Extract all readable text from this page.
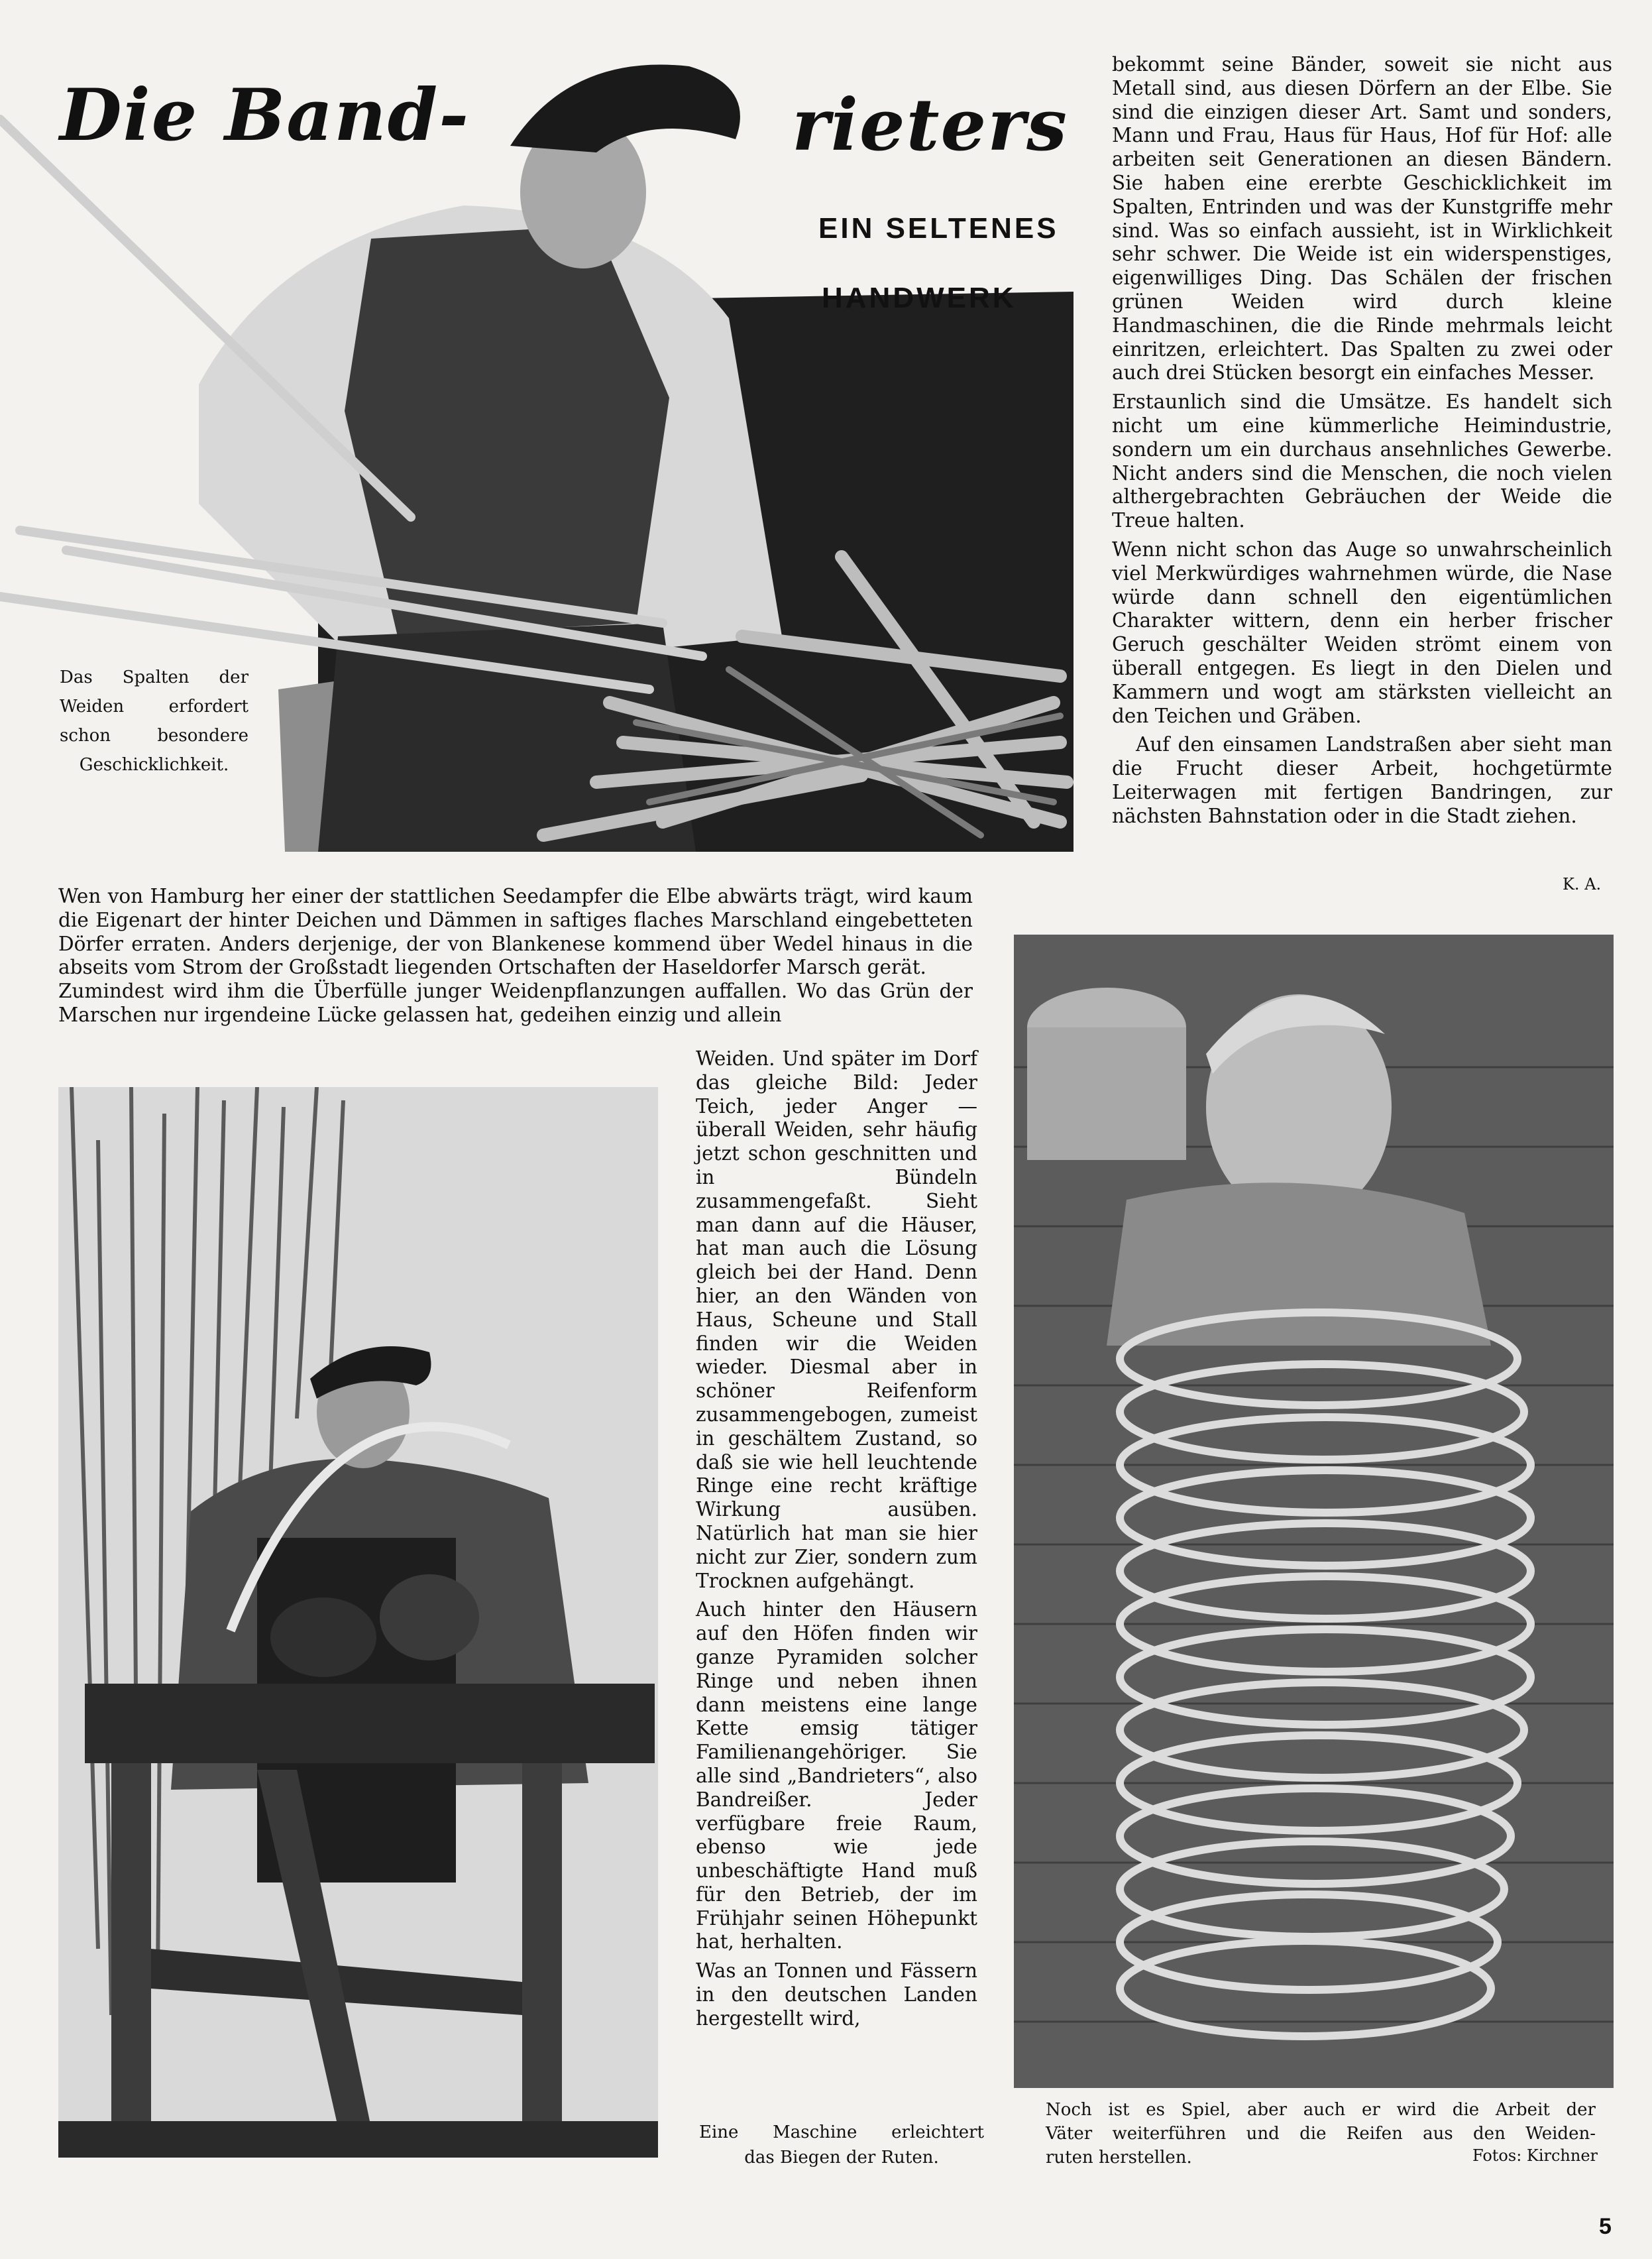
Die Band-	rieters
EIN SELTENES
HANDWERK
Das Spalten der
Weiden erfordert
schon besondere
Geschicklichkeit.

bekommt seine Bänder, soweit sie nicht aus Metall sind, aus diesen Dörfern an der Elbe. Sie sind die einzigen dieser Art. Samt und sonders, Mann und Frau, Haus für Haus, Hof für Hof: alle arbeiten seit Generationen an diesen Bändern. Sie haben eine ererbte Geschicklichkeit im Spalten, Entrinden und was der Kunstgriffe mehr sind. Was so einfach aussieht, ist in Wirklichkeit sehr schwer. Die Weide ist ein widerspenstiges, eigenwilliges Ding. Das Schälen der frischen grünen Weiden wird durch kleine Handmaschinen, die die Rinde mehrmals leicht einritzen, erleichtert. Das Spalten zu zwei oder auch drei Stücken besorgt ein einfaches Messer.

Erstaunlich sind die Umsätze. Es handelt sich nicht um eine kümmerliche Heimindustrie, sondern um ein durchaus ansehnliches Gewerbe. Nicht anders sind die Menschen, die noch vielen althergebrachten Gebräuchen der Weide die Treue halten.

Wenn nicht schon das Auge so unwahrscheinlich viel Merkwürdiges wahrnehmen würde, die Nase würde dann schnell den eigentümlichen Charakter wittern, denn ein herber frischer Geruch geschälter Weiden strömt einem von überall entgegen. Es liegt in den Dielen und Kammern und wogt am stärksten vielleicht an den Teichen und Gräben.

Auf den einsamen Landstraßen aber sieht man die Frucht dieser Arbeit, hochgetürmte Leiterwagen mit fertigen Bandringen, zur nächsten Bahnstation oder in die Stadt ziehen.

K. A.

Wen von Hamburg her einer der stattlichen Seedampfer die Elbe abwärts trägt, wird kaum die Eigenart der hinter Deichen und Dämmen in saftiges flaches Marschland eingebetteten Dörfer erraten. Anders derjenige, der von Blankenese kommend über Wedel hinaus in die abseits vom Strom der Großstadt liegenden Ortschaften der Haseldorfer Marsch gerät.

Zumindest wird ihm die Überfülle junger Weidenpflanzungen auffallen. Wo das Grün der Marschen nur irgendeine Lücke gelassen hat, gedeihen einzig und allein

Weiden. Und später im Dorf das gleiche Bild: Jeder Teich, jeder Anger — überall Weiden, sehr häufig jetzt schon geschnitten und in Bündeln zusammengefaßt. Sieht man dann auf die Häuser, hat man auch die Lösung gleich bei der Hand. Denn hier, an den Wänden von Haus, Scheune und Stall finden wir die Weiden wieder. Diesmal aber in schöner Reifenform zusammengebogen, zumeist in geschältem Zustand, so daß sie wie hell leuchtende Ringe eine recht kräftige Wirkung ausüben. Natürlich hat man sie hier nicht zur Zier, sondern zum Trocknen aufgehängt.

Auch hinter den Häusern auf den Höfen finden wir ganze Pyramiden solcher Ringe und neben ihnen dann meistens eine lange Kette emsig tätiger Familienangehöriger. Sie alle sind „Bandrieters“, also Bandreißer. Jeder verfügbare freie Raum, ebenso wie jede unbeschäftigte Hand muß für den Betrieb, der im Frühjahr seinen Höhepunkt hat, herhalten.

Was an Tonnen und Fässern in den deutschen Landen hergestellt wird,

Eine Maschine erleichtert
das Biegen der Ruten.
Noch ist es Spiel, aber auch er wird die Arbeit der
Väter weiterführen und die Reifen aus den Weiden-
ruten herstellen.	Fotos: Kirchner
5
